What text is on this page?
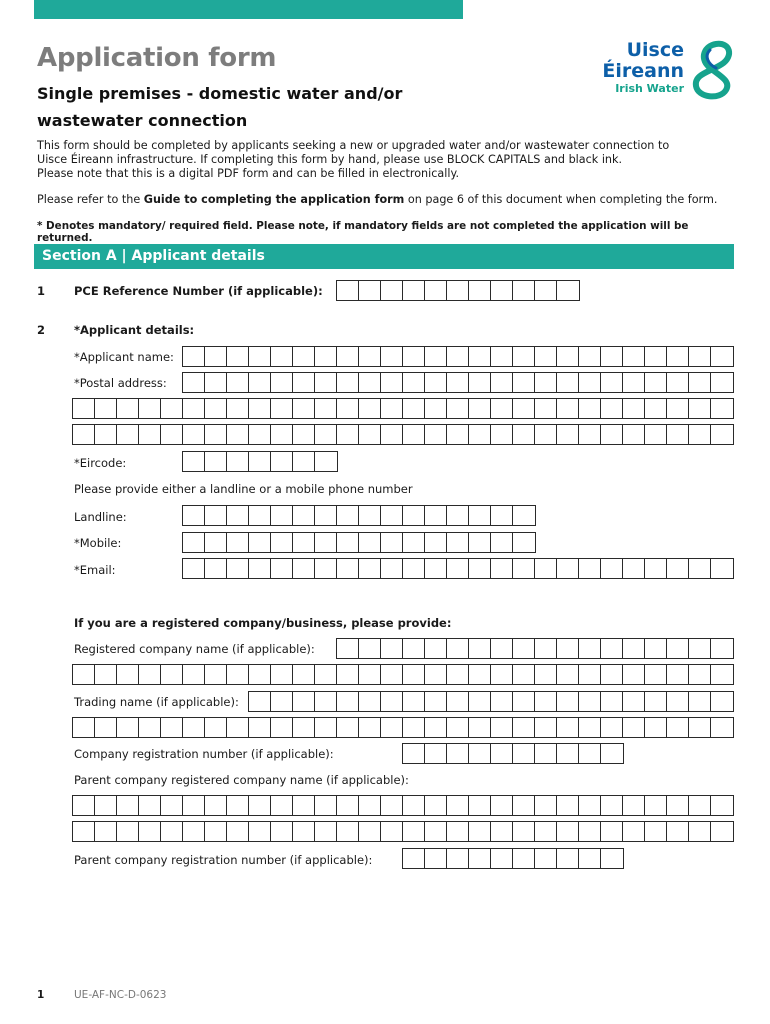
Application form
Single premises - domestic water and/or
wastewater connection
Uisce
Éireann
Irish Water
This form should be completed by applicants seeking a new or upgraded water and/or wastewater connection to
Uisce Éireann infrastructure. If completing this form by hand, please use BLOCK CAPITALS and black ink.
Please note that this is a digital PDF form and can be filled in electronically.
Please refer to the Guide to completing the application form on page 6 of this document when completing the form.
* Denotes mandatory/ required field. Please note, if mandatory fields are not completed the application will be returned.
Section A | Applicant details
1	PCE Reference Number (if applicable):
2	*Applicant details:
*Applicant name:
*Postal address:
*Eircode:
Please provide either a landline or a mobile phone number
Landline:
*Mobile:
*Email:
If you are a registered company/business, please provide:
Registered company name (if applicable):
Trading name (if applicable):
Company registration number (if applicable):
Parent company registered company name (if applicable):
Parent company registration number (if applicable):
1	UE-AF-NC-D-0623
